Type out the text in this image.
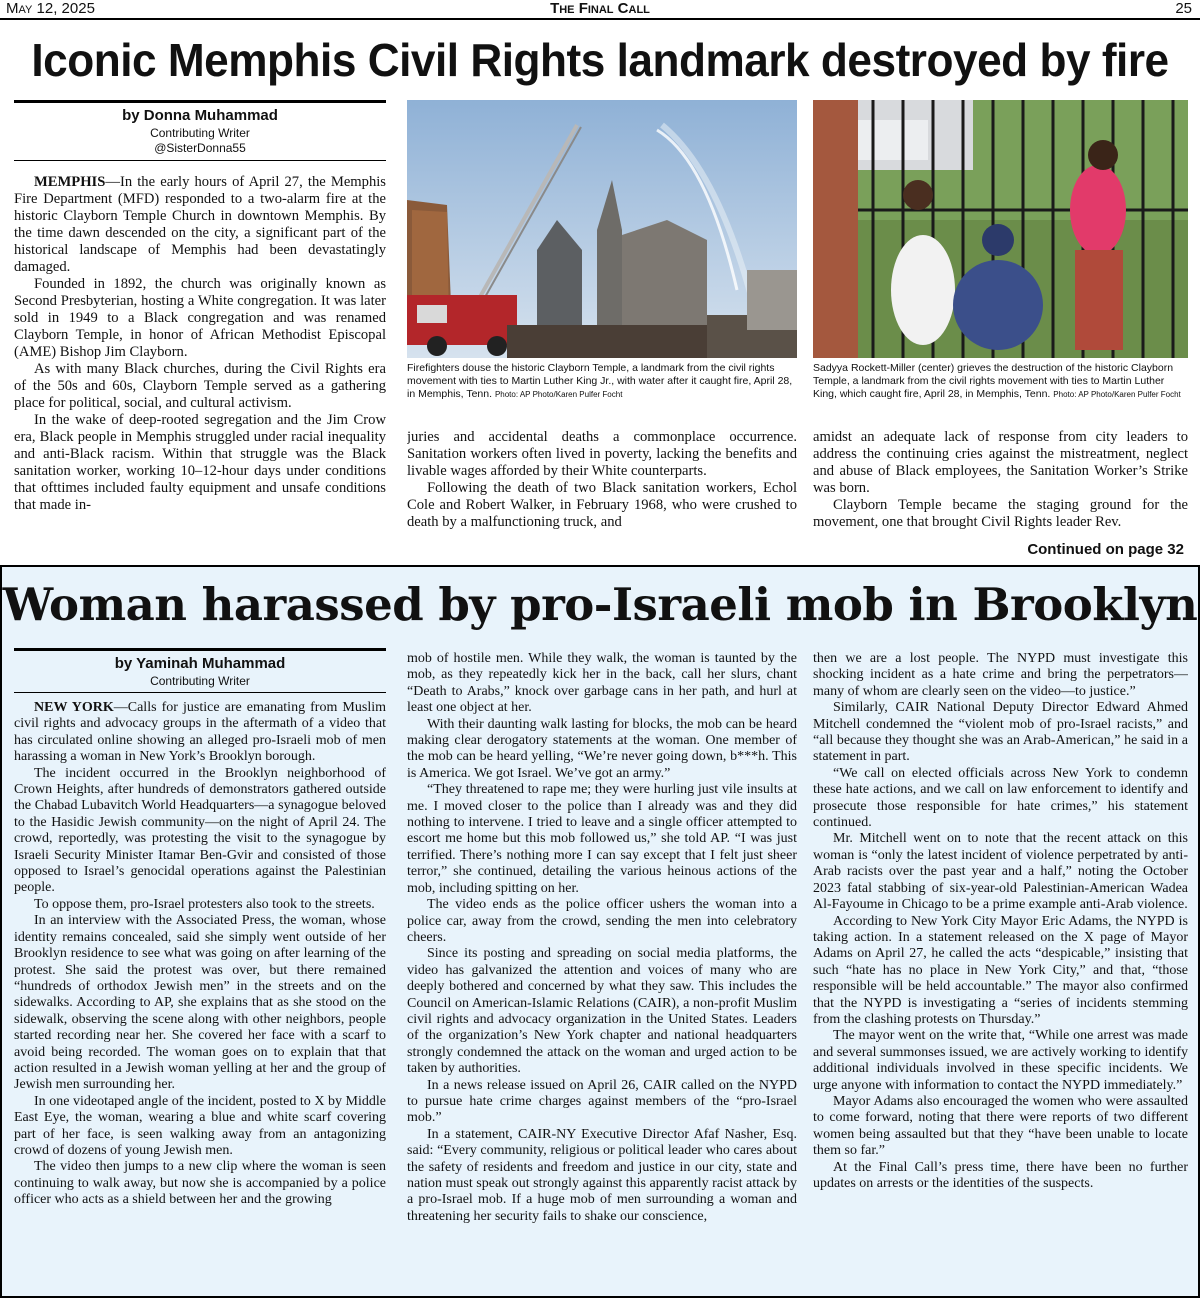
May 12, 2025	The Final Call	25
Iconic Memphis Civil Rights landmark destroyed by fire
by Donna Muhammad
Contributing Writer
@SisterDonna55

MEMPHIS—In the early hours of April 27, the Memphis Fire Department (MFD) responded to a two-alarm fire at the historic Clayborn Temple Church in downtown Memphis. By the time dawn descended on the city, a significant part of the historical landscape of Memphis had been devastatingly damaged.

Founded in 1892, the church was originally known as Second Presbyterian, hosting a White congregation. It was later sold in 1949 to a Black congregation and was renamed Clayborn Temple, in honor of African Methodist Episcopal (AME) Bishop Jim Clayborn.

As with many Black churches, during the Civil Rights era of the 50s and 60s, Clayborn Temple served as a gathering place for political, social, and cultural activism.

In the wake of deep-rooted segregation and the Jim Crow era, Black people in Memphis struggled under racial inequality and anti-Black racism. Within that struggle was the Black sanitation worker, working 10–12-hour days under conditions that ofttimes included faulty equipment and unsafe conditions that made in-

Firefighters douse the historic Clayborn Temple, a landmark from the civil rights movement with ties to Martin Luther King Jr., with water after it caught fire, April 28, in Memphis, Tenn. Photo: AP Photo/Karen Pulfer Focht
Sadyya Rockett-Miller (center) grieves the destruction of the historic Clayborn Temple, a landmark from the civil rights movement with ties to Martin Luther King, which caught fire, April 28, in Memphis, Tenn. Photo: AP Photo/Karen Pulfer Focht

juries and accidental deaths a commonplace occurrence. Sanitation workers often lived in poverty, lacking the benefits and livable wages afforded by their White counterparts.

Following the death of two Black sanitation workers, Echol Cole and Robert Walker, in February 1968, who were crushed to death by a malfunctioning truck, and

amidst an adequate lack of response from city leaders to address the continuing cries against the mistreatment, neglect and abuse of Black employees, the Sanitation Worker’s Strike was born.

Clayborn Temple became the staging ground for the movement, one that brought Civil Rights leader Rev.

Continued on page 32
Woman harassed by pro-Israeli mob in Brooklyn
by Yaminah Muhammad
Contributing Writer

NEW YORK—Calls for justice are emanating from Muslim civil rights and advocacy groups in the aftermath of a video that has circulated online showing an alleged pro-Israeli mob of men harassing a woman in New York’s Brooklyn borough.

The incident occurred in the Brooklyn neighborhood of Crown Heights, after hundreds of demonstrators gathered outside the Chabad Lubavitch World Headquarters—a synagogue beloved to the Hasidic Jewish community—on the night of April 24. The crowd, reportedly, was protesting the visit to the synagogue by Israeli Security Minister Itamar Ben-Gvir and consisted of those opposed to Israel’s genocidal operations against the Palestinian people.

To oppose them, pro-Israel protesters also took to the streets.

In an interview with the Associated Press, the woman, whose identity remains concealed, said she simply went outside of her Brooklyn residence to see what was going on after learning of the protest. She said the protest was over, but there remained “hundreds of orthodox Jewish men” in the streets and on the sidewalks. According to AP, she explains that as she stood on the sidewalk, observing the scene along with other neighbors, people started recording near her. She covered her face with a scarf to avoid being recorded. The woman goes on to explain that that action resulted in a Jewish woman yelling at her and the group of Jewish men surrounding her.

In one videotaped angle of the incident, posted to X by Middle East Eye, the woman, wearing a blue and white scarf covering part of her face, is seen walking away from an antagonizing crowd of dozens of young Jewish men.

The video then jumps to a new clip where the woman is seen continuing to walk away, but now she is accompanied by a police officer who acts as a shield between her and the growing

mob of hostile men. While they walk, the woman is taunted by the mob, as they repeatedly kick her in the back, call her slurs, chant “Death to Arabs,” knock over garbage cans in her path, and hurl at least one object at her.

With their daunting walk lasting for blocks, the mob can be heard making clear derogatory statements at the woman. One member of the mob can be heard yelling, “We’re never going down, b***h. This is America. We got Israel. We’ve got an army.”

“They threatened to rape me; they were hurling just vile insults at me. I moved closer to the police than I already was and they did nothing to intervene. I tried to leave and a single officer attempted to escort me home but this mob followed us,” she told AP. “I was just terrified. There’s nothing more I can say except that I felt just sheer terror,” she continued, detailing the various heinous actions of the mob, including spitting on her.

The video ends as the police officer ushers the woman into a police car, away from the crowd, sending the men into celebratory cheers.

Since its posting and spreading on social media platforms, the video has galvanized the attention and voices of many who are deeply bothered and concerned by what they saw. This includes the Council on American-Islamic Relations (CAIR), a non-profit Muslim civil rights and advocacy organization in the United States. Leaders of the organization’s New York chapter and national headquarters strongly condemned the attack on the woman and urged action to be taken by authorities.

In a news release issued on April 26, CAIR called on the NYPD to pursue hate crime charges against members of the “pro-Israel mob.”

In a statement, CAIR-NY Executive Director Afaf Nasher, Esq. said: “Every community, religious or political leader who cares about the safety of residents and freedom and justice in our city, state and nation must speak out strongly against this apparently racist attack by a pro-Israel mob. If a huge mob of men surrounding a woman and threatening her security fails to shake our conscience,

then we are a lost people. The NYPD must investigate this shocking incident as a hate crime and bring the perpetrators—many of whom are clearly seen on the video—to justice.”

Similarly, CAIR National Deputy Director Edward Ahmed Mitchell condemned the “violent mob of pro-Israel racists,” and “all because they thought she was an Arab-American,” he said in a statement in part.

“We call on elected officials across New York to condemn these hate actions, and we call on law enforcement to identify and prosecute those responsible for hate crimes,” his statement continued.

Mr. Mitchell went on to note that the recent attack on this woman is “only the latest incident of violence perpetrated by anti-Arab racists over the past year and a half,” noting the October 2023 fatal stabbing of six-year-old Palestinian-American Wadea Al-Fayoume in Chicago to be a prime example anti-Arab violence.

According to New York City Mayor Eric Adams, the NYPD is taking action. In a statement released on the X page of Mayor Adams on April 27, he called the acts “despicable,” insisting that such “hate has no place in New York City,” and that, “those responsible will be held accountable.” The mayor also confirmed that the NYPD is investigating a “series of incidents stemming from the clashing protests on Thursday.”

The mayor went on the write that, “While one arrest was made and several summonses issued, we are actively working to identify additional individuals involved in these specific incidents. We urge anyone with information to contact the NYPD immediately.”

Mayor Adams also encouraged the women who were assaulted to come forward, noting that there were reports of two different women being assaulted but that they “have been unable to locate them so far.”

At the Final Call’s press time, there have been no further updates on arrests or the identities of the suspects.
